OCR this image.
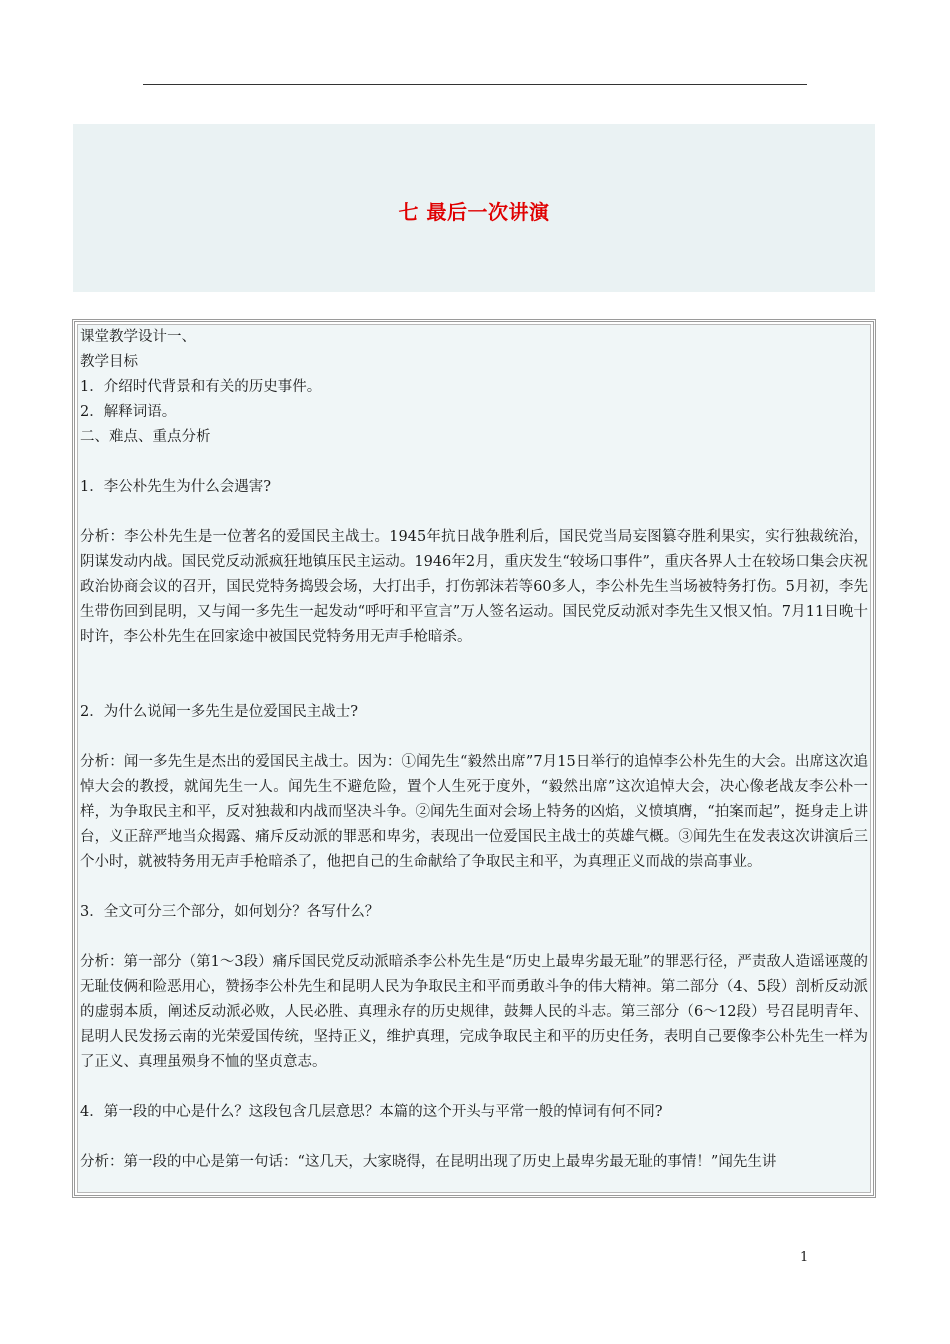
七 最后一次讲演

课堂教学设计一、

教学目标

1．介绍时代背景和有关的历史事件。

2．解释词语。

二、难点、重点分析

1．李公朴先生为什么会遇害?

分析：李公朴先生是一位著名的爱国民主战士。1945年抗日战争胜利后，国民党当局妄图篡夺胜利果实，实行独裁统治，阴谋发动内战。国民党反动派疯狂地镇压民主运动。1946年2月，重庆发生“较场口事件”，重庆各界人士在较场口集会庆祝政治协商会议的召开，国民党特务捣毁会场，大打出手，打伤郭沫若等60多人，李公朴先生当场被特务打伤。5月初，李先生带伤回到昆明，又与闻一多先生一起发动“呼吁和平宣言”万人签名运动。国民党反动派对李先生又恨又怕。7月11日晚十时许，李公朴先生在回家途中被国民党特务用无声手枪暗杀。

2．为什么说闻一多先生是位爱国民主战士?

分析：闻一多先生是杰出的爱国民主战士。因为：①闻先生“毅然出席”7月15日举行的追悼李公朴先生的大会。出席这次追悼大会的教授，就闻先生一人。闻先生不避危险，置个人生死于度外，“毅然出席”这次追悼大会，决心像老战友李公朴一样，为争取民主和平，反对独裁和内战而坚决斗争。②闻先生面对会场上特务的凶焰，义愤填膺，“拍案而起”，挺身走上讲台，义正辞严地当众揭露、痛斥反动派的罪恶和卑劣，表现出一位爱国民主战士的英雄气概。③闻先生在发表这次讲演后三个小时，就被特务用无声手枪暗杀了，他把自己的生命献给了争取民主和平，为真理正义而战的崇高事业。

3．全文可分三个部分，如何划分？各写什么？

分析：第一部分（第1～3段）痛斥国民党反动派暗杀李公朴先生是“历史上最卑劣最无耻”的罪恶行径，严责敌人造谣诬蔑的无耻伎俩和险恶用心，赞扬李公朴先生和昆明人民为争取民主和平而勇敢斗争的伟大精神。第二部分（4、5段）剖析反动派的虚弱本质，阐述反动派必败，人民必胜、真理永存的历史规律，鼓舞人民的斗志。第三部分（6～12段）号召昆明青年、昆明人民发扬云南的光荣爱国传统，坚持正义，维护真理，完成争取民主和平的历史任务，表明自己要像李公朴先生一样为了正义、真理虽殒身不恤的坚贞意志。

4．第一段的中心是什么？这段包含几层意思？本篇的这个开头与平常一般的悼词有何不同?

分析：第一段的中心是第一句话：“这几天，大家晓得，在昆明出现了历史上最卑劣最无耻的事情！”闻先生讲

1
